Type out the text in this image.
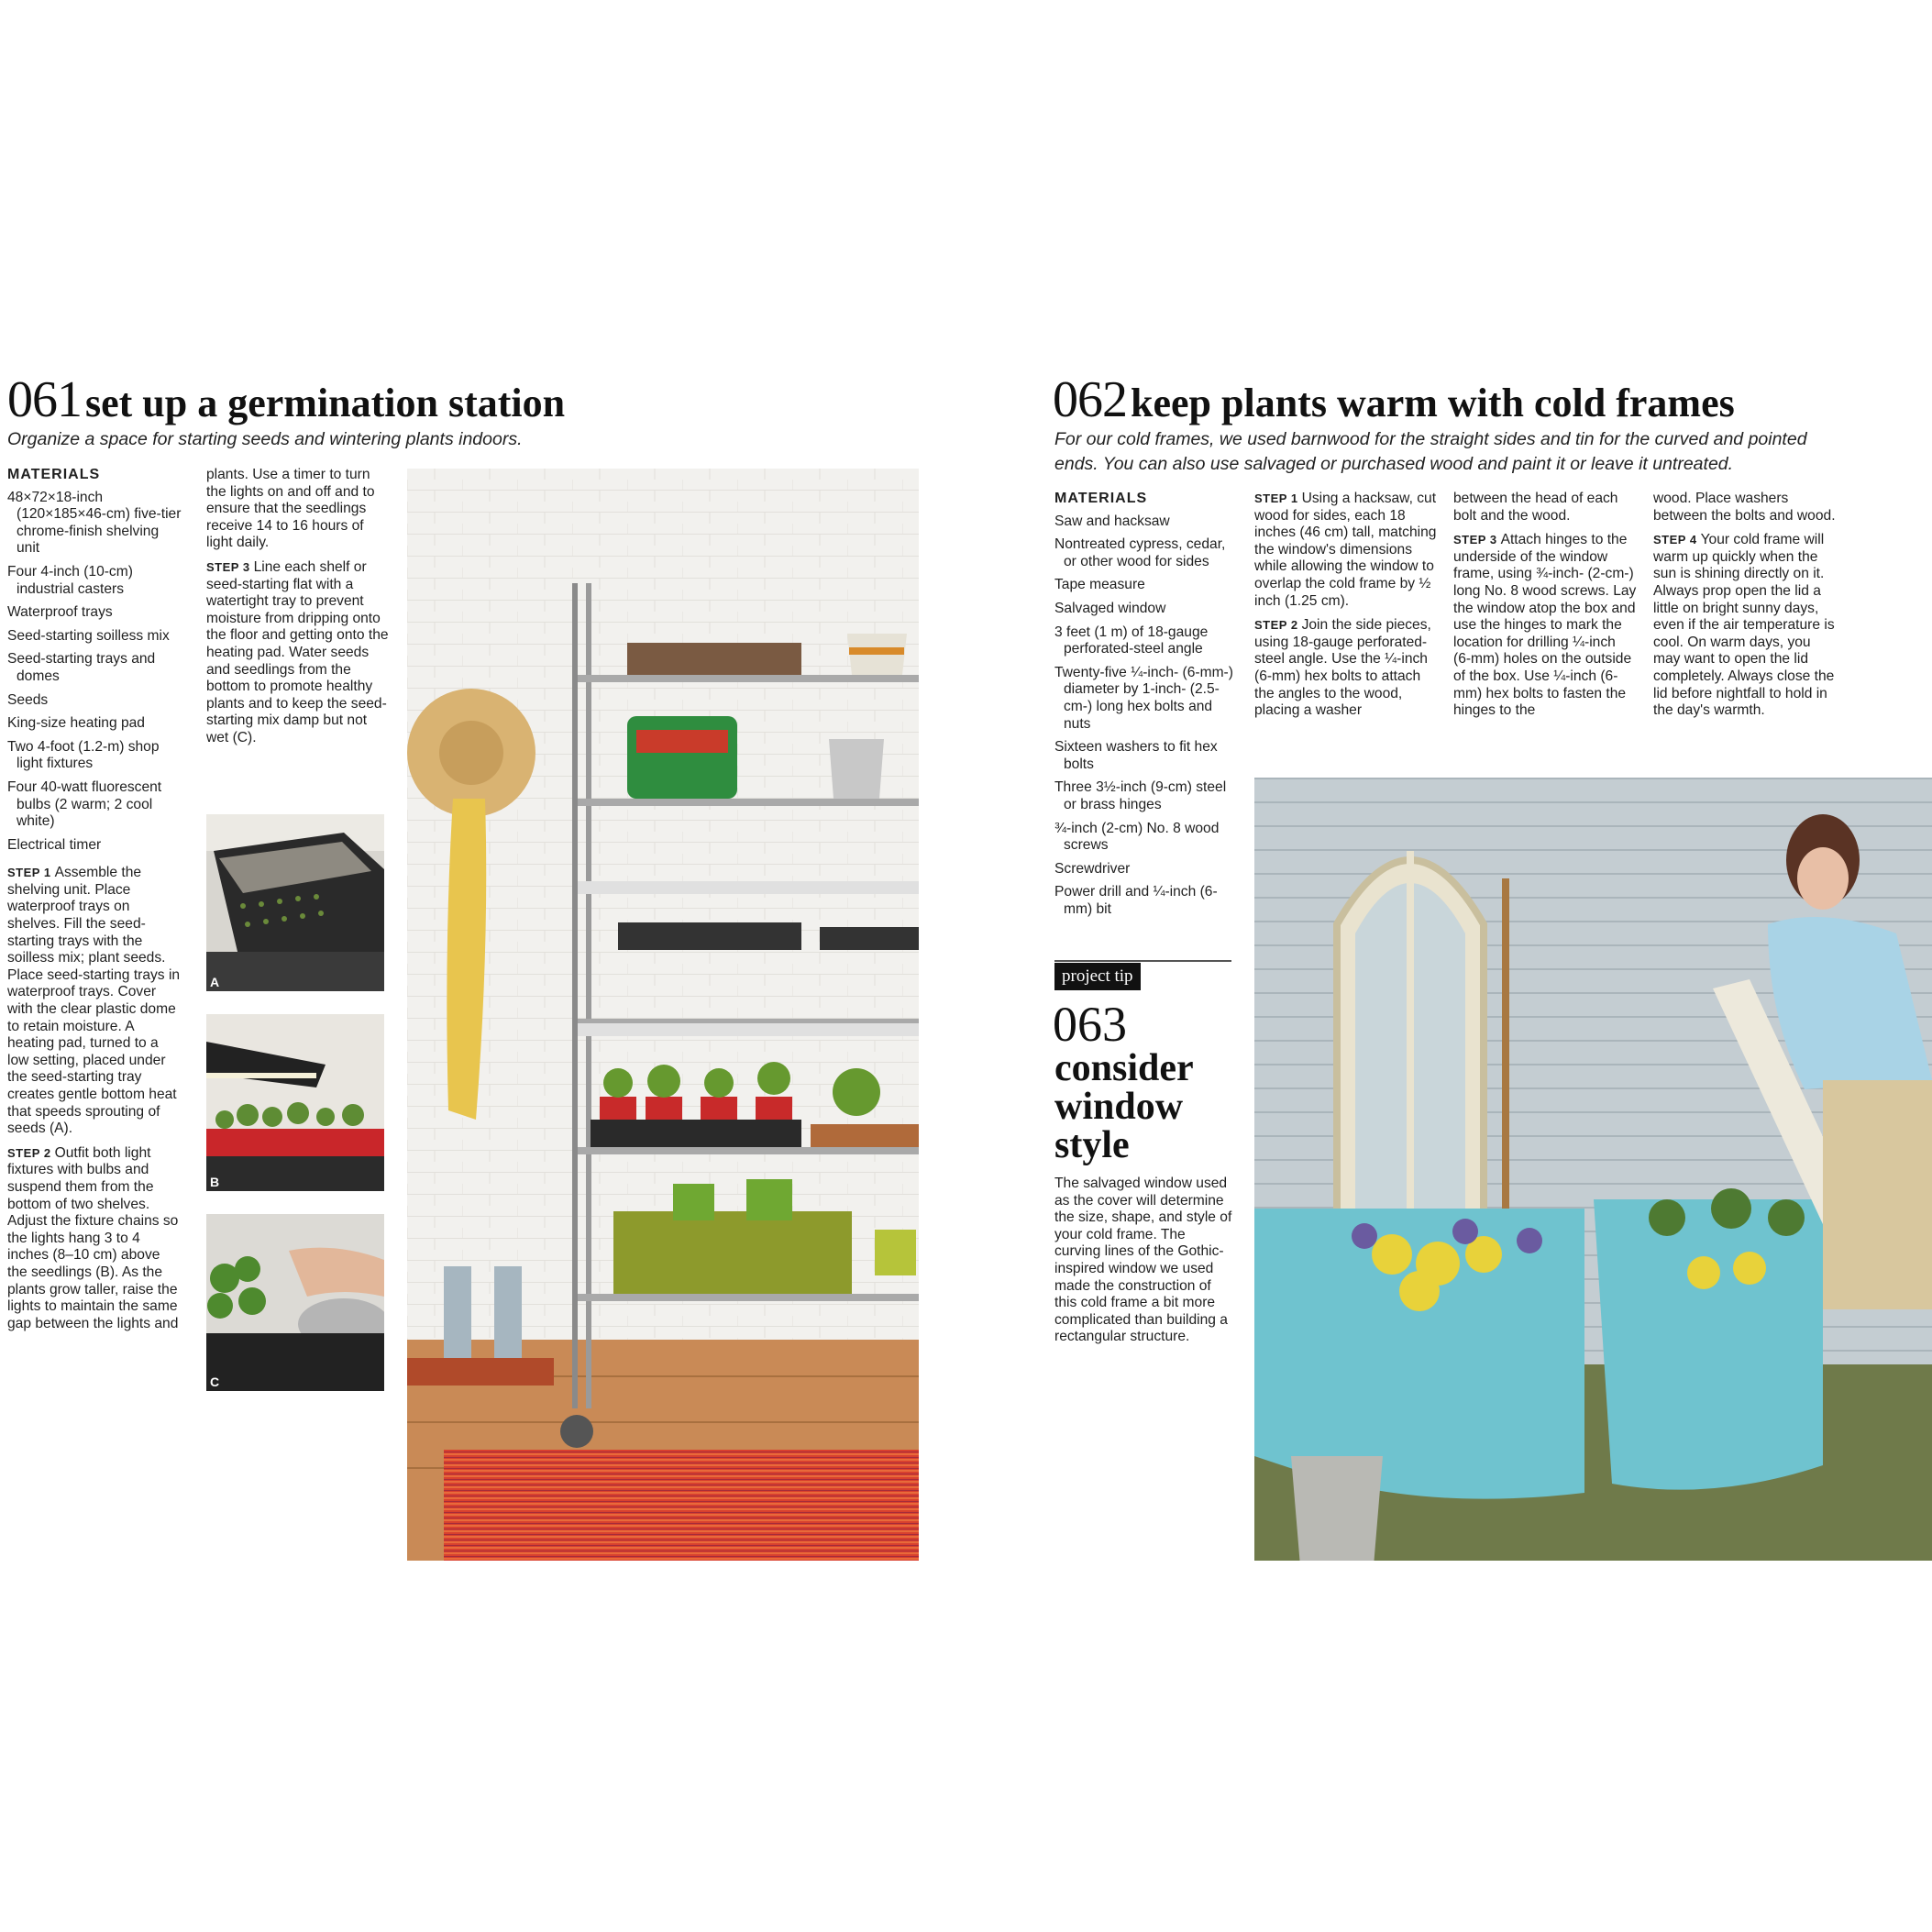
061 set up a germination station
Organize a space for starting seeds and wintering plants indoors.
MATERIALS
48×72×18-inch (120×185×46-cm) five-tier chrome-finish shelving unit
Four 4-inch (10-cm) industrial casters
Waterproof trays
Seed-starting soilless mix
Seed-starting trays and domes
Seeds
King-size heating pad
Two 4-foot (1.2-m) shop light fixtures
Four 40-watt fluorescent bulbs (2 warm; 2 cool white)
Electrical timer
STEP 1 Assemble the shelving unit. Place waterproof trays on shelves. Fill the seed-starting trays with the soilless mix; plant seeds. Place seed-starting trays in waterproof trays. Cover with the clear plastic dome to retain moisture. A heating pad, turned to a low setting, placed under the seed-starting tray creates gentle bottom heat that speeds sprouting of seeds (A).
STEP 2 Outfit both light fixtures with bulbs and suspend them from the bottom of two shelves. Adjust the fixture chains so the lights hang 3 to 4 inches (8–10 cm) above the seedlings (B). As the plants grow taller, raise the lights to maintain the same gap between the lights and
plants. Use a timer to turn the lights on and off and to ensure that the seedlings receive 14 to 16 hours of light daily.
STEP 3 Line each shelf or seed-starting flat with a watertight tray to prevent moisture from dripping onto the floor and getting onto the heating pad. Water seeds and seedlings from the bottom to promote healthy plants and to keep the seed-starting mix damp but not wet (C).
A
B
C
062 keep plants warm with cold frames
For our cold frames, we used barnwood for the straight sides and tin for the curved and pointed ends. You can also use salvaged or purchased wood and paint it or leave it untreated.
MATERIALS
Saw and hacksaw
Nontreated cypress, cedar, or other wood for sides
Tape measure
Salvaged window
3 feet (1 m) of 18-gauge perforated-steel angle
Twenty-five ¼-inch- (6-mm-) diameter by 1-inch- (2.5-cm-) long hex bolts and nuts
Sixteen washers to fit hex bolts
Three 3½-inch (9-cm) steel or brass hinges
¾-inch (2-cm) No. 8 wood screws
Screwdriver
Power drill and ¼-inch (6-mm) bit
STEP 1 Using a hacksaw, cut wood for sides, each 18 inches (46 cm) tall, matching the window's dimensions while allowing the window to overlap the cold frame by ½ inch (1.25 cm).
STEP 2 Join the side pieces, using 18-gauge perforated-steel angle. Use the ¼-inch (6-mm) hex bolts to attach the angles to the wood, placing a washer
between the head of each bolt and the wood.
STEP 3 Attach hinges to the underside of the window frame, using ¾-inch- (2-cm-) long No. 8 wood screws. Lay the window atop the box and use the hinges to mark the location for drilling ¼-inch (6-mm) holes on the outside of the box. Use ¼-inch (6-mm) hex bolts to fasten the hinges to the
wood. Place washers between the bolts and wood.
STEP 4 Your cold frame will warm up quickly when the sun is shining directly on it. Always prop open the lid a little on bright sunny days, even if the air temperature is cool. On warm days, you may want to open the lid completely. Always close the lid before nightfall to hold in the day's warmth.
project tip
063
consider
window
style
The salvaged window used as the cover will determine the size, shape, and style of your cold frame. The curving lines of the Gothic-inspired window we used made the construction of this cold frame a bit more complicated than building a rectangular structure.
